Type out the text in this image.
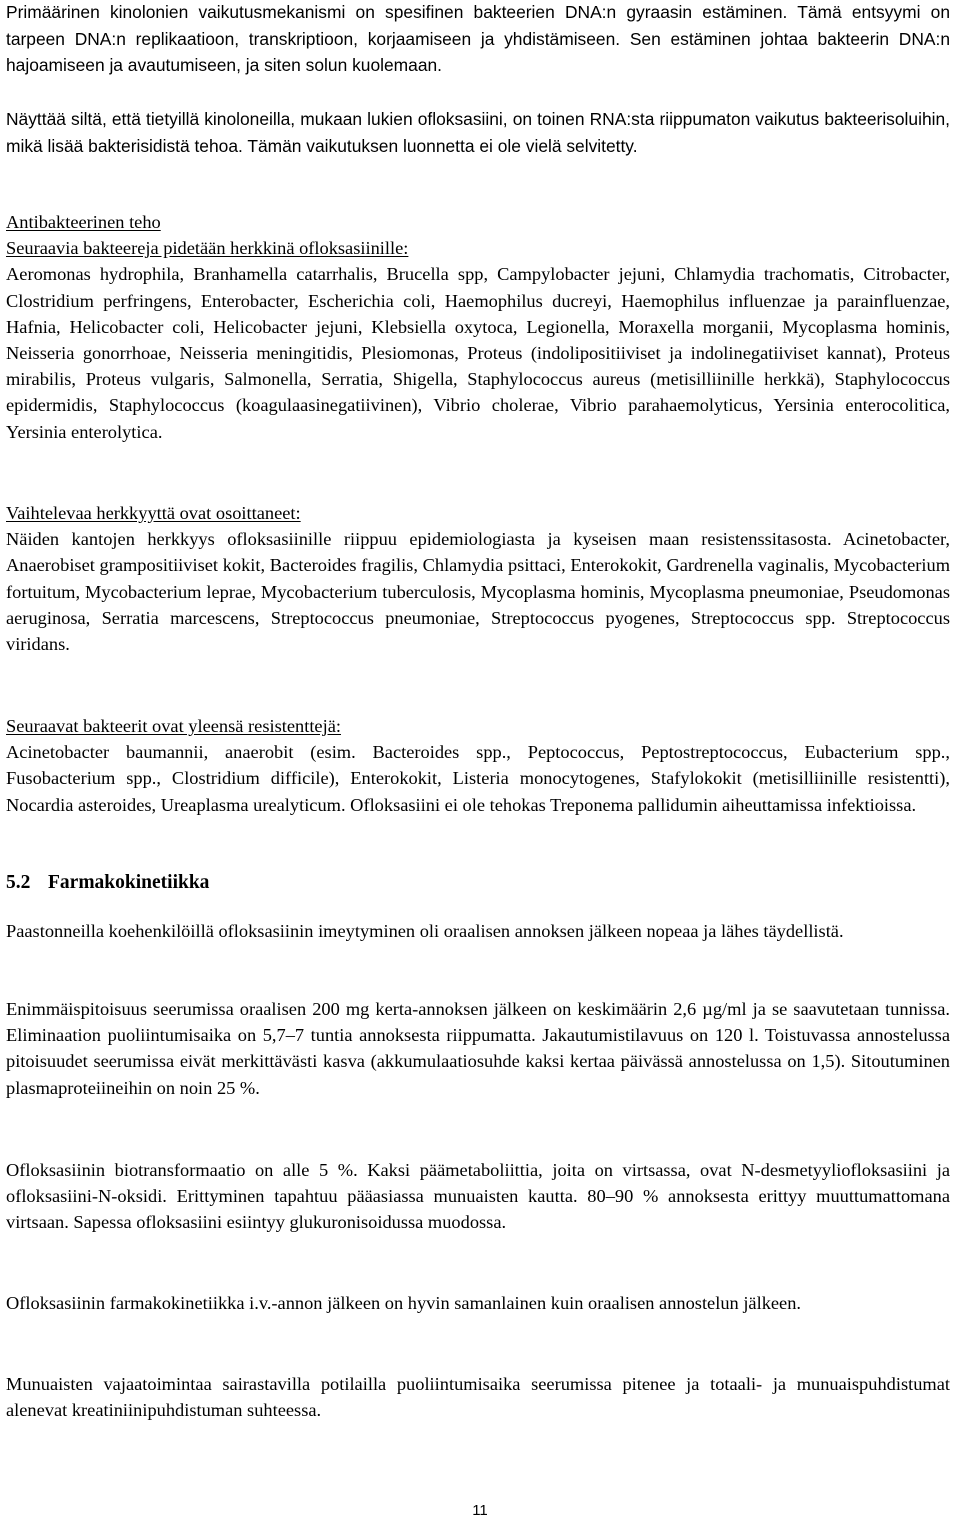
Primäärinen kinolonien vaikutusmekanismi on spesifinen bakteerien DNA:n gyraasin estäminen. Tämä entsyymi on tarpeen DNA:n replikaatioon, transkriptioon, korjaamiseen ja yhdistämiseen. Sen estäminen johtaa bakteerin DNA:n hajoamiseen ja avautumiseen, ja siten solun kuolemaan.

Näyttää siltä, että tietyillä kinoloneilla, mukaan lukien ofloksasiini, on toinen RNA:sta riippumaton vaikutus bakteerisoluihin, mikä lisää bakterisidistä tehoa. Tämän vaikutuksen luonnetta ei ole vielä selvitetty.

Antibakteerinen teho
Seuraavia bakteereja pidetään herkkinä ofloksasiinille:
Aeromonas hydrophila, Branhamella catarrhalis, Brucella spp, Campylobacter jejuni, Chlamydia trachomatis, Citrobacter, Clostridium perfringens, Enterobacter, Escherichia coli, Haemophilus ducreyi, Haemophilus influenzae ja parainfluenzae, Hafnia, Helicobacter coli, Helicobacter jejuni, Klebsiella oxytoca, Legionella, Moraxella morganii, Mycoplasma hominis, Neisseria gonorrhoae, Neisseria meningitidis, Plesiomonas, Proteus (indolipositiiviset ja indolinegatiiviset kannat), Proteus mirabilis, Proteus vulgaris, Salmonella, Serratia, Shigella, Staphylococcus aureus (metisilliinille herkkä), Staphylococcus epidermidis, Staphylococcus (koagulaasinegatiivinen), Vibrio cholerae, Vibrio parahaemolyticus, Yersinia enterocolitica, Yersinia enterolytica.
Vaihtelevaa herkkyyttä ovat osoittaneet:
Näiden kantojen herkkyys ofloksasiinille riippuu epidemiologiasta ja kyseisen maan resistenssitasosta. Acinetobacter, Anaerobiset grampositiiviset kokit, Bacteroides fragilis, Chlamydia psittaci, Enterokokit, Gardrenella vaginalis, Mycobacterium fortuitum, Mycobacterium leprae, Mycobacterium tuberculosis, Mycoplasma hominis, Mycoplasma pneumoniae, Pseudomonas aeruginosa, Serratia marcescens, Streptococcus pneumoniae, Streptococcus pyogenes, Streptococcus spp. Streptococcus viridans.
Seuraavat bakteerit ovat yleensä resistenttejä:
Acinetobacter baumannii, anaerobit (esim. Bacteroides spp., Peptococcus, Peptostreptococcus, Eubacterium spp., Fusobacterium spp., Clostridium difficile), Enterokokit, Listeria monocytogenes, Stafylokokit (metisilliinille resistentti), Nocardia asteroides, Ureaplasma urealyticum. Ofloksasiini ei ole tehokas Treponema pallidumin aiheuttamissa infektioissa.
5.2 Farmakokinetiikka

Paastonneilla koehenkilöillä ofloksasiinin imeytyminen oli oraalisen annoksen jälkeen nopeaa ja lähes täydellistä.

Enimmäispitoisuus seerumissa oraalisen 200 mg kerta-annoksen jälkeen on keskimäärin 2,6 µg/ml ja se saavutetaan tunnissa. Eliminaation puoliintumisaika on 5,7–7 tuntia annoksesta riippumatta. Jakautumistilavuus on 120 l. Toistuvassa annostelussa pitoisuudet seerumissa eivät merkittävästi kasva (akkumulaatiosuhde kaksi kertaa päivässä annostelussa on 1,5). Sitoutuminen plasmaproteiineihin on noin 25 %.

Ofloksasiinin biotransformaatio on alle 5 %. Kaksi päämetaboliittia, joita on virtsassa, ovat N-desmetyyliofloksasiini ja ofloksasiini-N-oksidi. Erittyminen tapahtuu pääasiassa munuaisten kautta. 80–90 % annoksesta erittyy muuttumattomana virtsaan. Sapessa ofloksasiini esiintyy glukuronisoidussa muodossa.

Ofloksasiinin farmakokinetiikka i.v.-annon jälkeen on hyvin samanlainen kuin oraalisen annostelun jälkeen.

Munuaisten vajaatoimintaa sairastavilla potilailla puoliintumisaika seerumissa pitenee ja totaali- ja munuaispuhdistumat alenevat kreatiniinipuhdistuman suhteessa.

11
